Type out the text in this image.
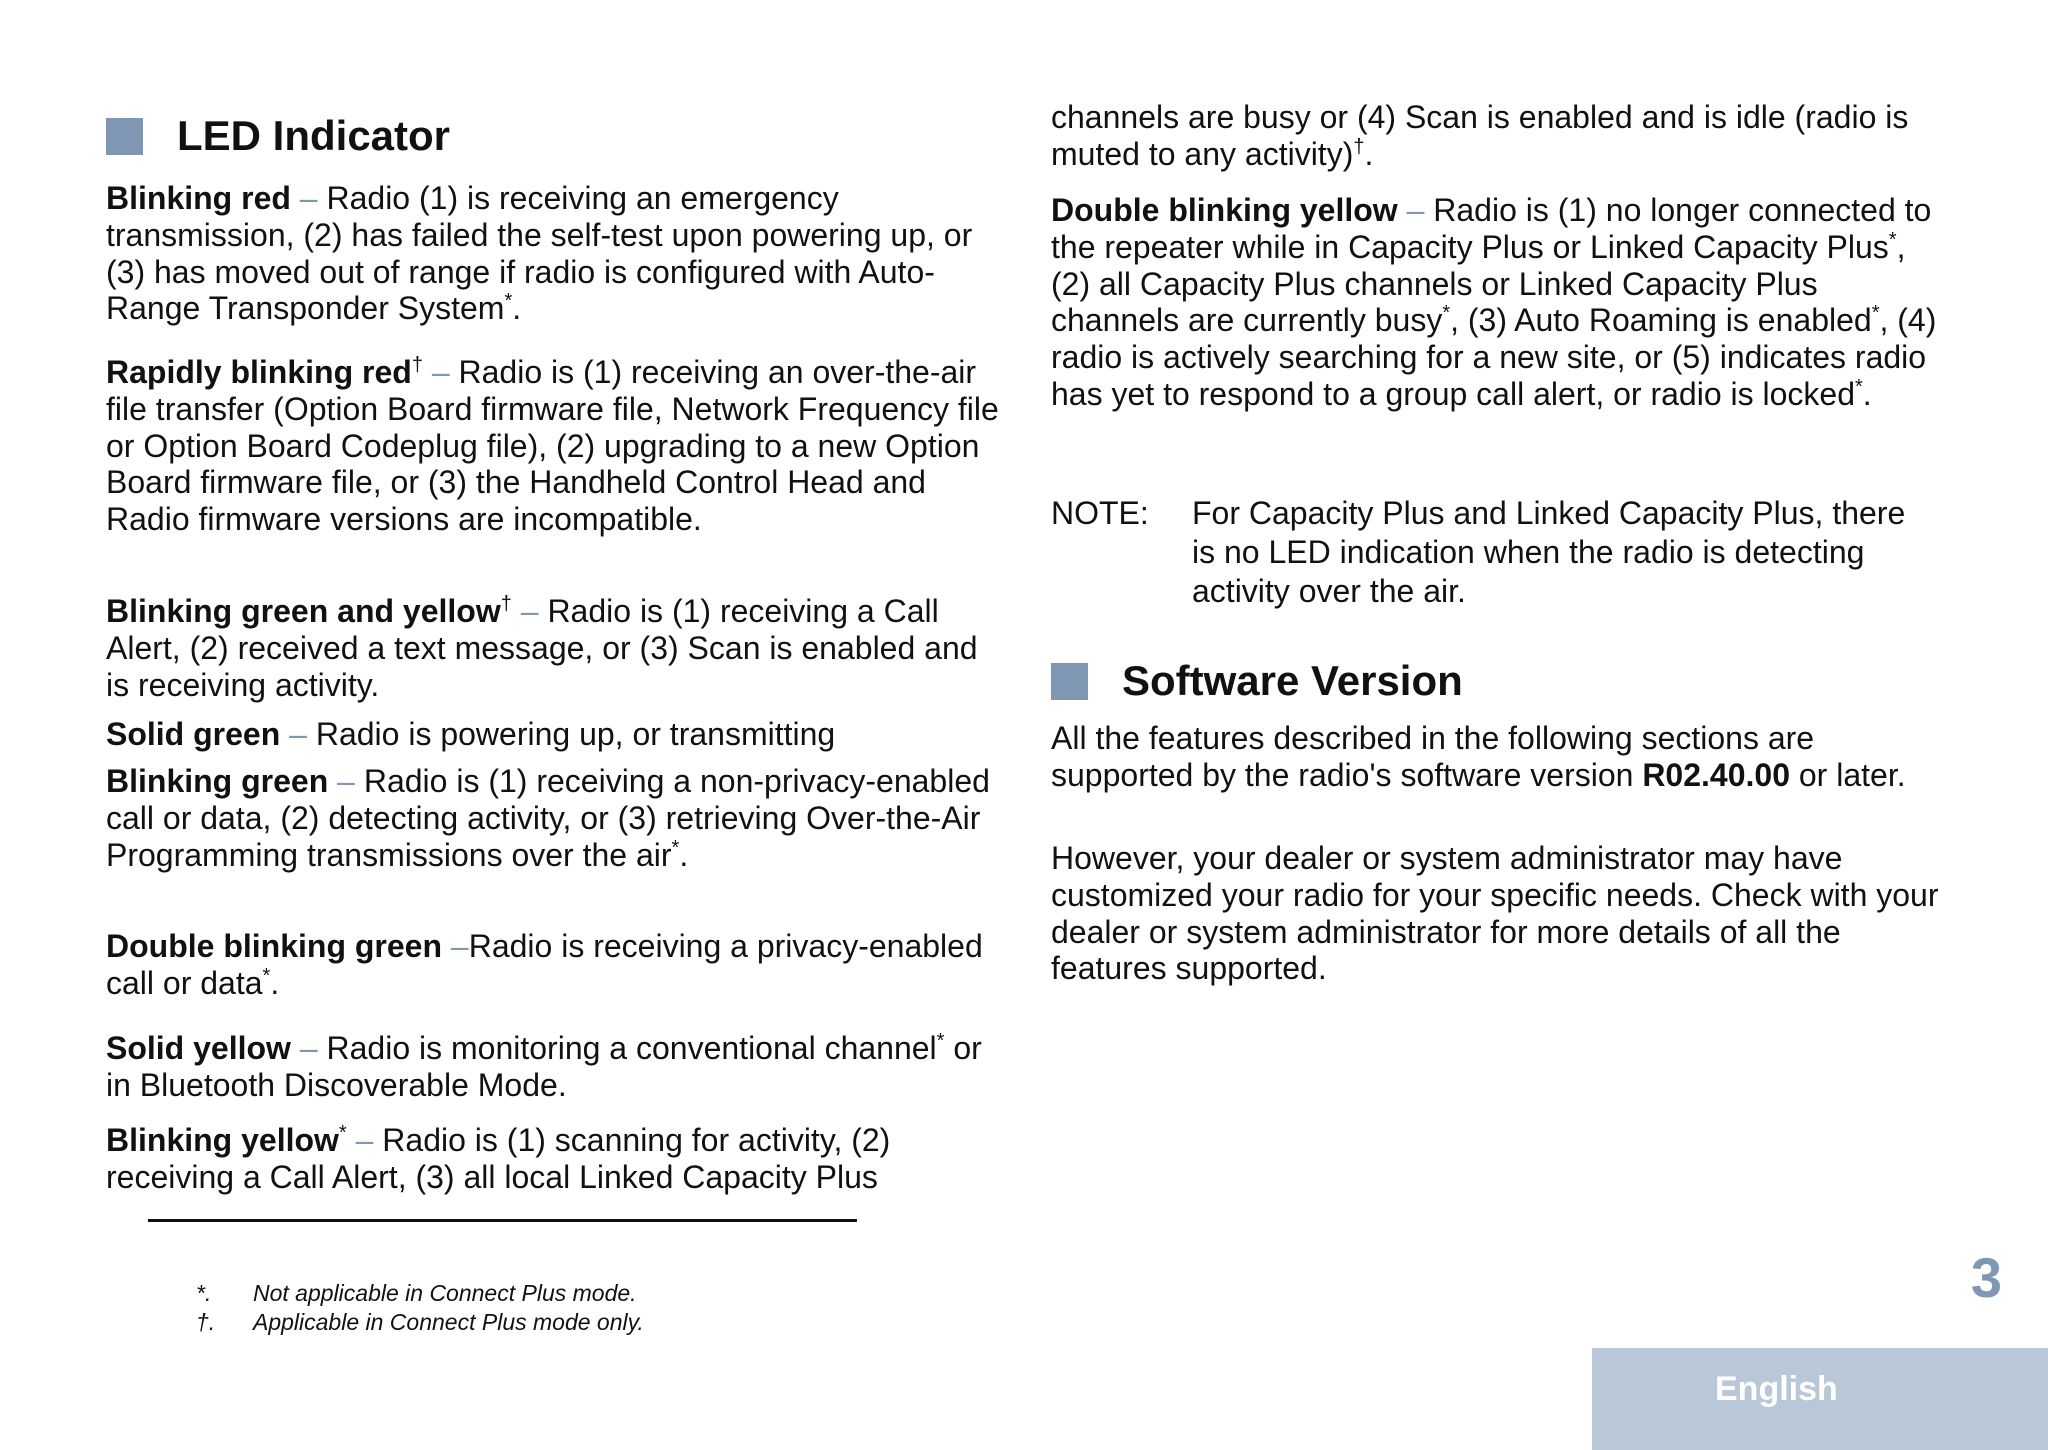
LED Indicator
Blinking red – Radio (1) is receiving an emergency transmission, (2) has failed the self-test upon powering up, or (3) has moved out of range if radio is configured with Auto-Range Transponder System*.
Rapidly blinking red† – Radio is (1) receiving an over-the-air file transfer (Option Board firmware file, Network Frequency file or Option Board Codeplug file), (2) upgrading to a new Option Board firmware file, or (3) the Handheld Control Head and Radio firmware versions are incompatible.
Blinking green and yellow† – Radio is (1) receiving a Call Alert, (2) received a text message, or (3) Scan is enabled and is receiving activity.
Solid green – Radio is powering up, or transmitting
Blinking green – Radio is (1) receiving a non-privacy-enabled call or data, (2) detecting activity, or (3) retrieving Over-the-Air Programming transmissions over the air*.
Double blinking green –Radio is receiving a privacy-enabled call or data*.
Solid yellow – Radio is monitoring a conventional channel* or in Bluetooth Discoverable Mode.
Blinking yellow* – Radio is (1) scanning for activity, (2) receiving a Call Alert, (3) all local Linked Capacity Plus
channels are busy or (4) Scan is enabled and is idle (radio is muted to any activity)†.
Double blinking yellow – Radio is (1) no longer connected to the repeater while in Capacity Plus or Linked Capacity Plus*, (2) all Capacity Plus channels or Linked Capacity Plus channels are currently busy*, (3) Auto Roaming is enabled*, (4) radio is actively searching for a new site, or (5) indicates radio has yet to respond to a group call alert, or radio is locked*.
NOTE: For Capacity Plus and Linked Capacity Plus, there is no LED indication when the radio is detecting activity over the air.
Software Version
All the features described in the following sections are supported by the radio's software version R02.40.00 or later.
However, your dealer or system administrator may have customized your radio for your specific needs. Check with your dealer or system administrator for more details of all the features supported.
*. Not applicable in Connect Plus mode.
†. Applicable in Connect Plus mode only.
3
English
